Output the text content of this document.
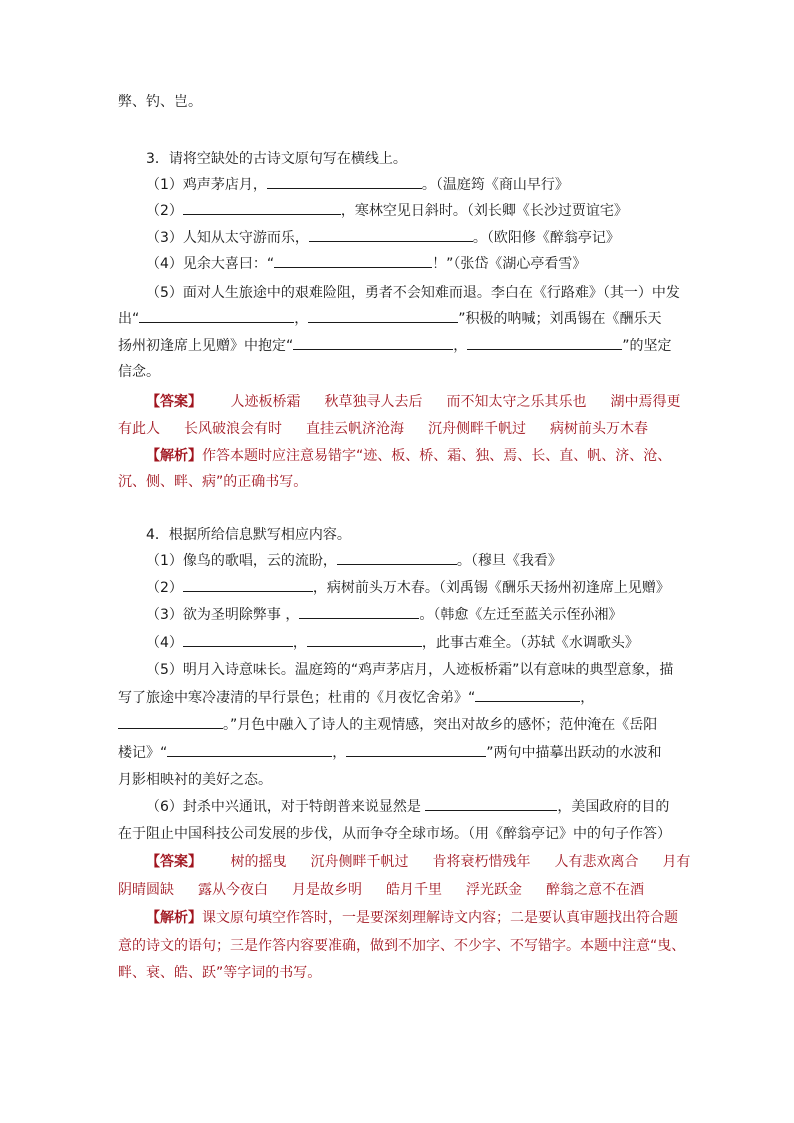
弊、钓、岂。
3．请将空缺处的古诗文原句写在横线上。
（1）鸡声茅店月，	。（温庭筠《商山早行》
（2）	，寒林空见日斜时。（刘长卿《长沙过贾谊宅》
（3）人知从太守游而乐，	。（欧阳修《醉翁亭记》
（4）见余大喜曰：“	！”（张岱《湖心亭看雪》
（5）面对人生旅途中的艰难险阻，勇者不会知难而退。李白在《行路难》（其一）中发
出“	，	”积极的呐喊；刘禹锡在《酬乐天
扬州初逢席上见赠》中抱定“	，	”的坚定
信念。
【答案】 人迹板桥霜 秋草独寻人去后 而不知太守之乐其乐也 湖中焉得更
有此人 长风破浪会有时 直挂云帆济沧海 沉舟侧畔千帆过 病树前头万木春
【解析】作答本题时应注意易错字“迹、板、桥、霜、独、焉、长、直、帆、济、沧、
沉、侧、畔、病”的正确书写。
4．根据所给信息默写相应内容。
（1）像鸟的歌唱，云的流盼，	。（穆旦《我看》
（2）	，病树前头万木春。（刘禹锡《酬乐天扬州初逢席上见赠》
（3）欲为圣明除弊事 ，	。（韩愈《左迁至蓝关示侄孙湘》
（4）	，	，此事古难全。（苏轼《水调歌头》
（5）明月入诗意味长。温庭筠的“鸡声茅店月，人迹板桥霜”以有意味的典型意象，描
写了旅途中寒冷凄清的早行景色；杜甫的《月夜忆舍弟》“	，
。”月色中融入了诗人的主观情感，突出对故乡的感怀；范仲淹在《岳阳
楼记》“	，	”两句中描摹出跃动的水波和
月影相映衬的美好之态。
（6）封杀中兴通讯，对于特朗普来说显然是	，美国政府的目的
在于阻止中国科技公司发展的步伐，从而争夺全球市场。（用《醉翁亭记》中的句子作答）
【答案】 树的摇曳 沉舟侧畔千帆过 肯将衰朽惜残年 人有悲欢离合 月有
阴晴圆缺 露从今夜白 月是故乡明 皓月千里 浮光跃金 醉翁之意不在酒
【解析】课文原句填空作答时，一是要深刻理解诗文内容；二是要认真审题找出符合题
意的诗文的语句；三是作答内容要准确，做到不加字、不少字、不写错字。本题中注意“曳、
畔、衰、皓、跃”等字词的书写。
